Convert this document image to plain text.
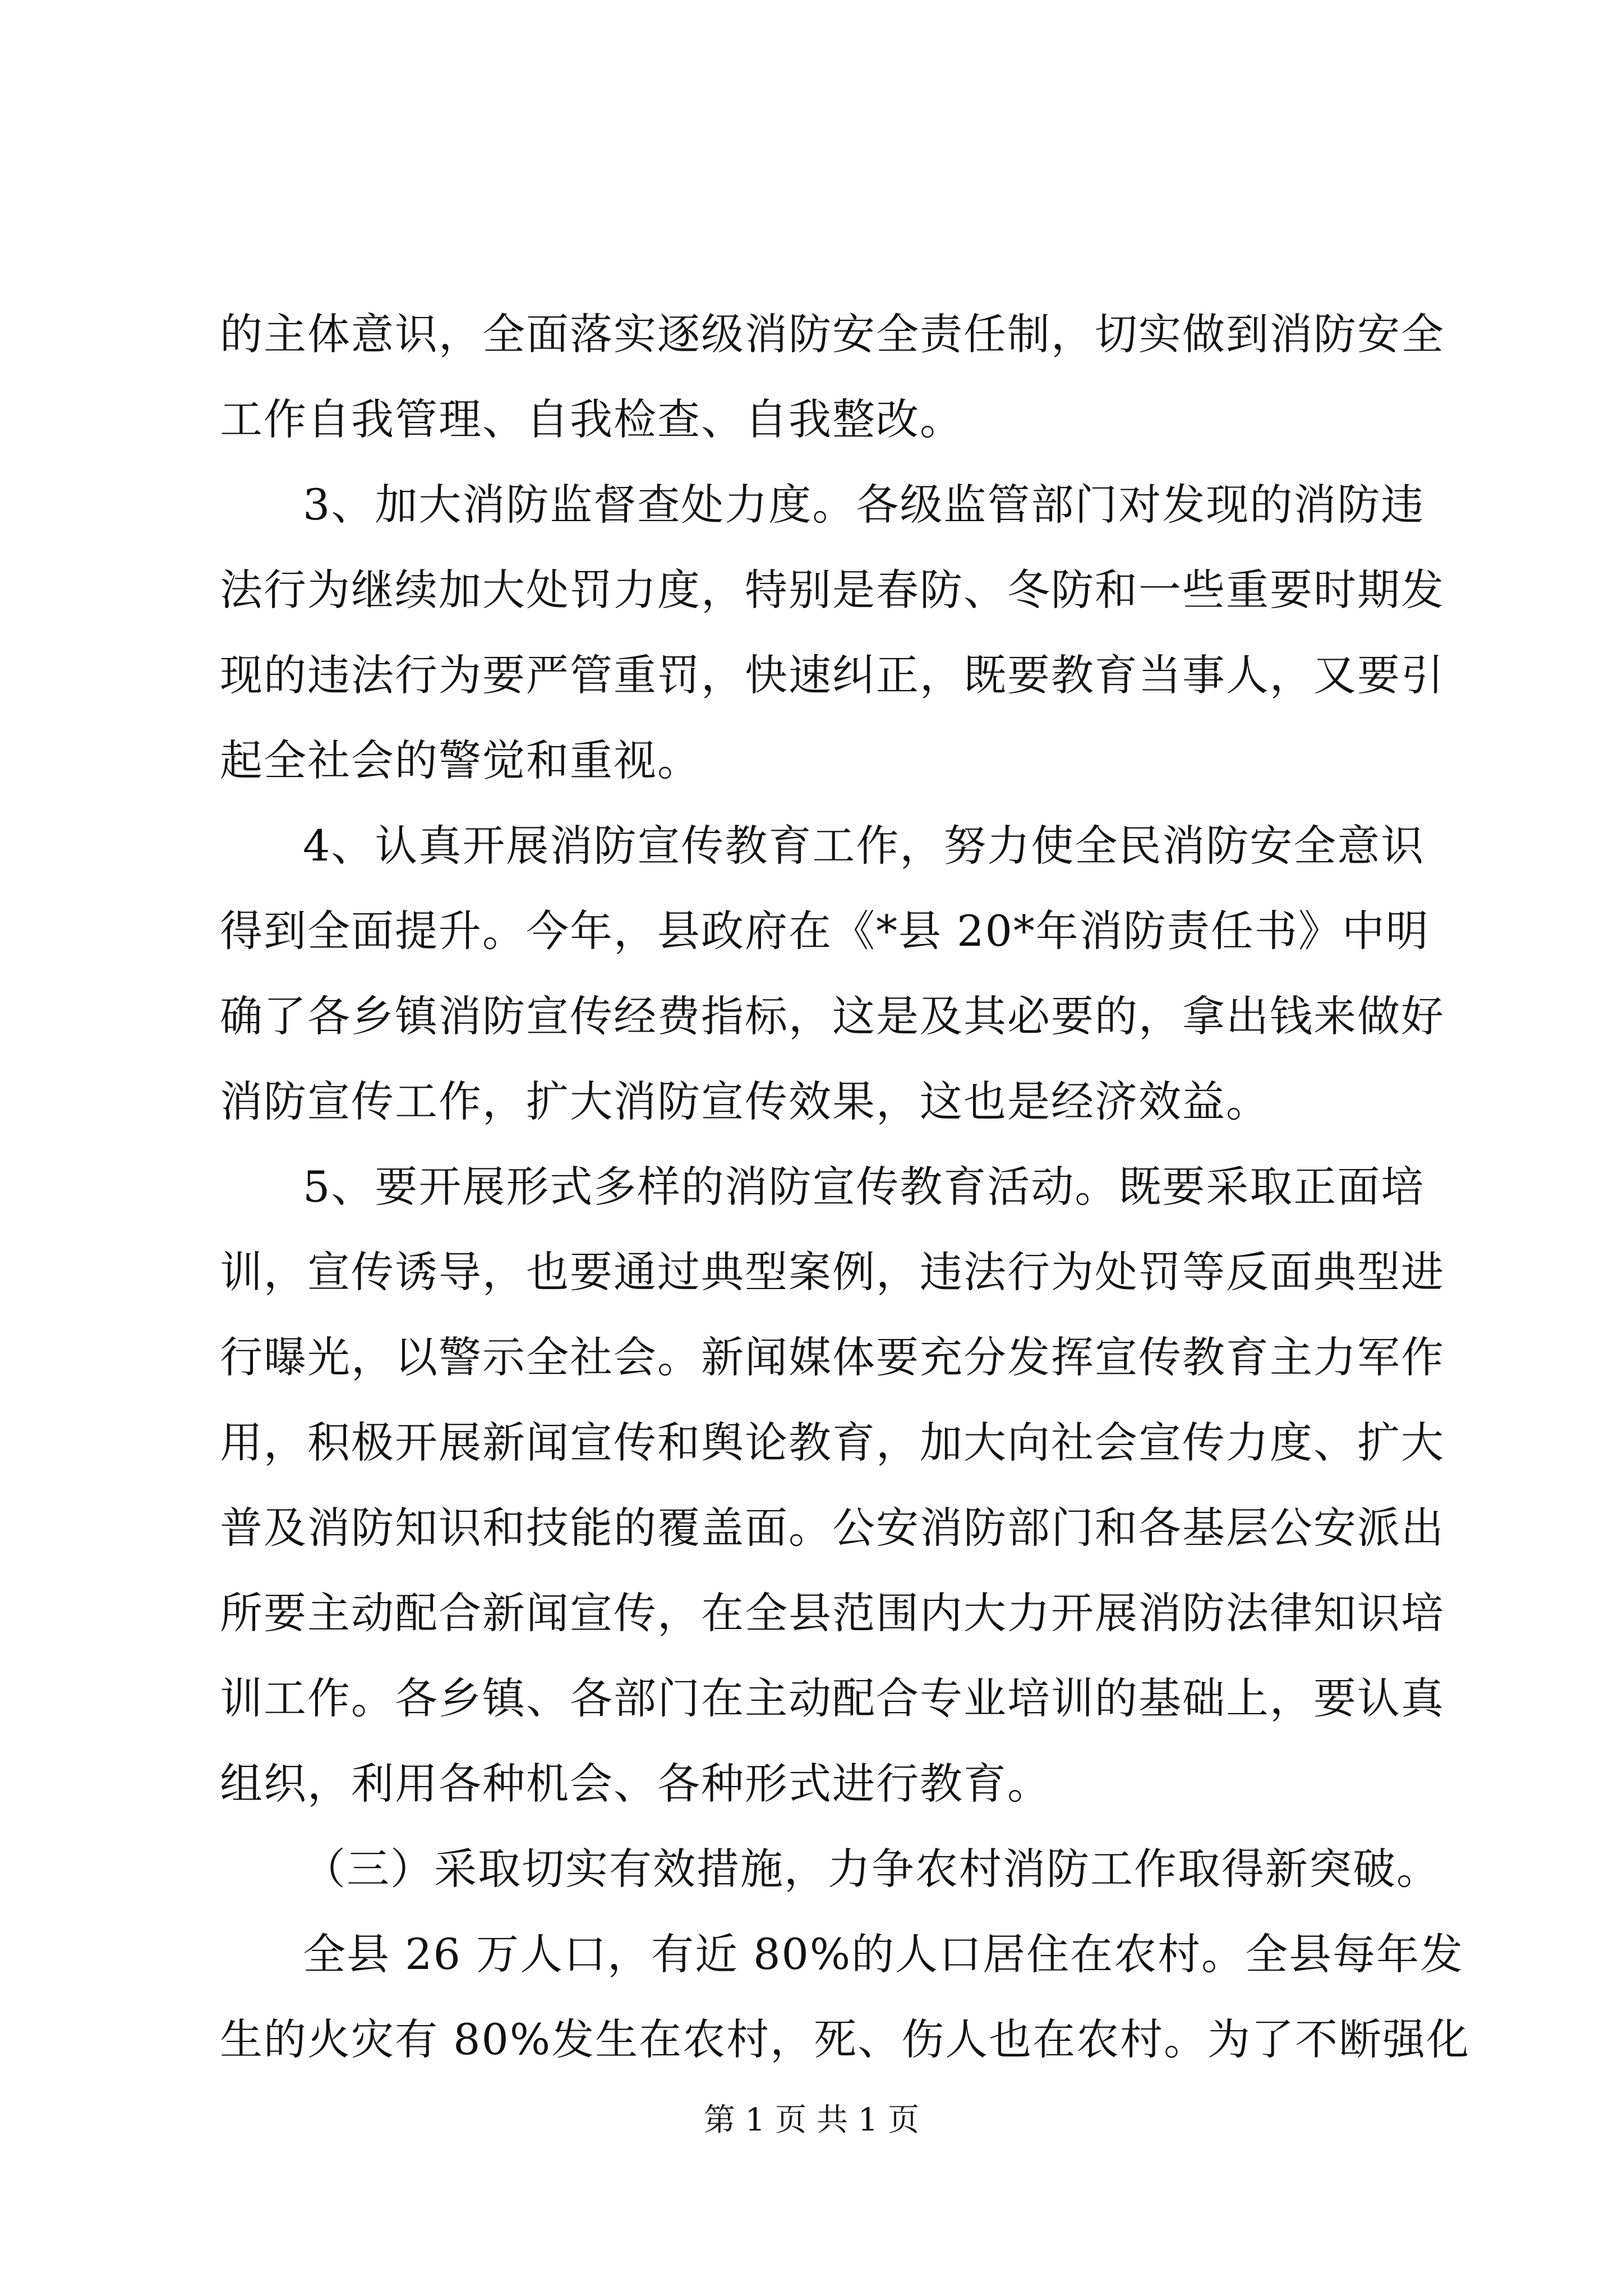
的主体意识，全面落实逐级消防安全责任制，切实做到消防安全
工作自我管理、自我检查、自我整改。
3、加大消防监督查处力度。各级监管部门对发现的消防违
法行为继续加大处罚力度，特别是春防、冬防和一些重要时期发
现的违法行为要严管重罚，快速纠正，既要教育当事人，又要引
起全社会的警觉和重视。
4、认真开展消防宣传教育工作，努力使全民消防安全意识
得到全面提升。今年，县政府在《*县 20*年消防责任书》中明
确了各乡镇消防宣传经费指标，这是及其必要的，拿出钱来做好
消防宣传工作，扩大消防宣传效果，这也是经济效益。
5、要开展形式多样的消防宣传教育活动。既要采取正面培
训，宣传诱导，也要通过典型案例，违法行为处罚等反面典型进
行曝光，以警示全社会。新闻媒体要充分发挥宣传教育主力军作
用，积极开展新闻宣传和舆论教育，加大向社会宣传力度、扩大
普及消防知识和技能的覆盖面。公安消防部门和各基层公安派出
所要主动配合新闻宣传，在全县范围内大力开展消防法律知识培
训工作。各乡镇、各部门在主动配合专业培训的基础上，要认真
组织，利用各种机会、各种形式进行教育。
（三）采取切实有效措施，力争农村消防工作取得新突破。
全县 26 万人口，有近 80%的人口居住在农村。全县每年发
生的火灾有 80%发生在农村，死、伤人也在农村。为了不断强化
第 1 页 共 1 页
